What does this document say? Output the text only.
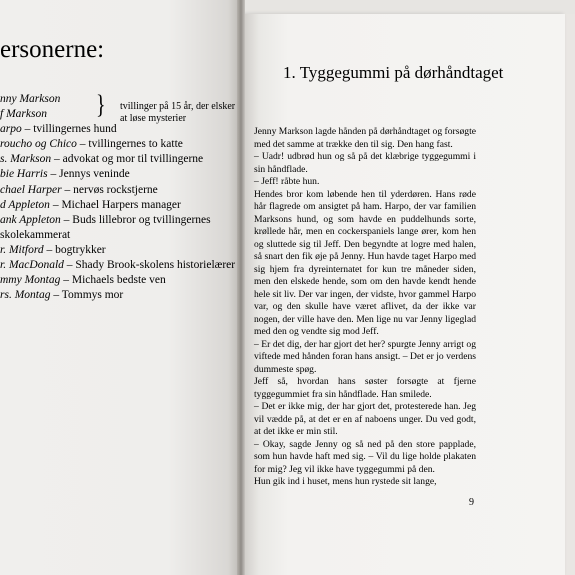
ersonerne:
} tvillinger på 15 år, der elsker
at løse mysterier
nny Markson
f Markson
arpo – tvillingernes hund
roucho og Chico – tvillingernes to katte
s. Markson – advokat og mor til tvillingerne
bie Harris – Jennys veninde
chael Harper – nervøs rockstjerne
d Appleton – Michael Harpers manager
ank Appleton – Buds lillebror og tvillingernes
skolekammerat
r. Mitford – bogtrykker
r. MacDonald – Shady Brook-skolens historielærer
mmy Montag – Michaels bedste ven
rs. Montag – Tommys mor
1. Tyggegummi på dørhåndtaget

Jenny Markson lagde hånden på dørhåndtaget og forsøgte med det samme at trække den til sig. Den hang fast.

– Uadr! udbrød hun og så på det klæbrige tyggegummi i sin håndflade.

– Jeff! råbte hun.

Hendes bror kom løbende hen til yderdøren. Hans røde hår flagrede om ansigtet på ham. Harpo, der var familien Marksons hund, og som havde en puddelhunds sorte, krøllede hår, men en cockerspaniels lange ører, kom hen og sluttede sig til Jeff. Den begyndte at logre med halen, så snart den fik øje på Jenny. Hun havde taget Harpo med sig hjem fra dyreinternatet for kun tre måneder siden, men den elskede hende, som om den havde kendt hende hele sit liv. Der var ingen, der vidste, hvor gammel Harpo var, og den skulle have været aflivet, da der ikke var nogen, der ville have den. Men lige nu var Jenny ligeglad med den og vendte sig mod Jeff.

– Er det dig, der har gjort det her? spurgte Jenny arrigt og viftede med hånden foran hans ansigt. – Det er jo verdens dummeste spøg.

Jeff så, hvordan hans søster forsøgte at fjerne tyggegummiet fra sin håndflade. Han smilede.

– Det er ikke mig, der har gjort det, protesterede han. Jeg vil vædde på, at det er en af naboens unger. Du ved godt, at det ikke er min stil.

– Okay, sagde Jenny og så ned på den store papplade, som hun havde haft med sig. – Vil du lige holde plakaten for mig? Jeg vil ikke have tyggegummi på den.

Hun gik ind i huset, mens hun rystede sit lange,

9
